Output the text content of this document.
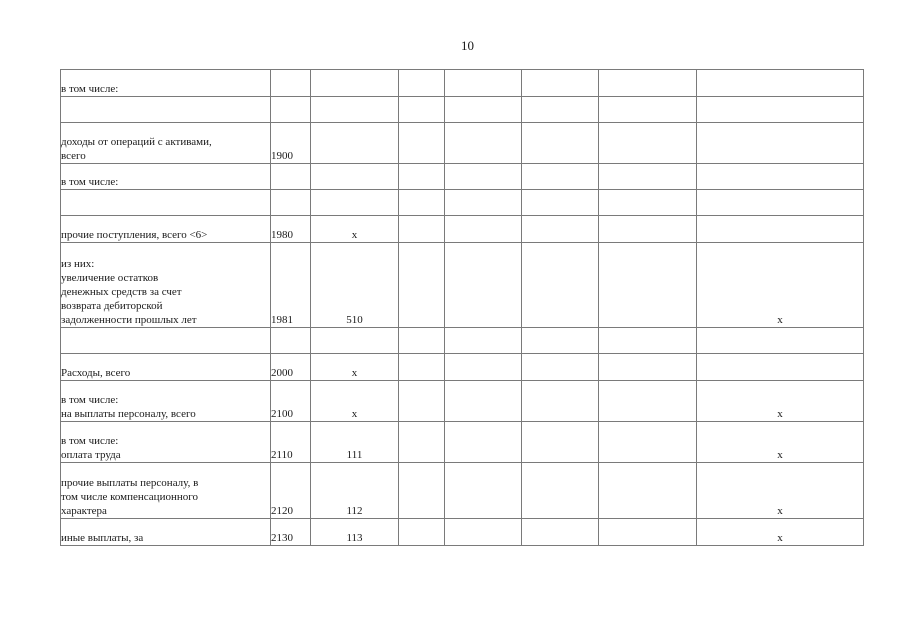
10
в том числе:							

доходы от операций с активами,
всего	1900						
в том числе:							

прочие поступления, всего <6>	1980	x					
из них:
увеличение остатков
денежных средств за счет
возврата дебиторской
задолженности прошлых лет	1981	510					x

Расходы, всего	2000	x					
в том числе:
на выплаты персоналу, всего	2100	x					x
в том числе:
оплата труда	2110	111					x
прочие выплаты персоналу, в
том числе компенсационного
характера	2120	112					x
иные выплаты, за	2130	113					x
